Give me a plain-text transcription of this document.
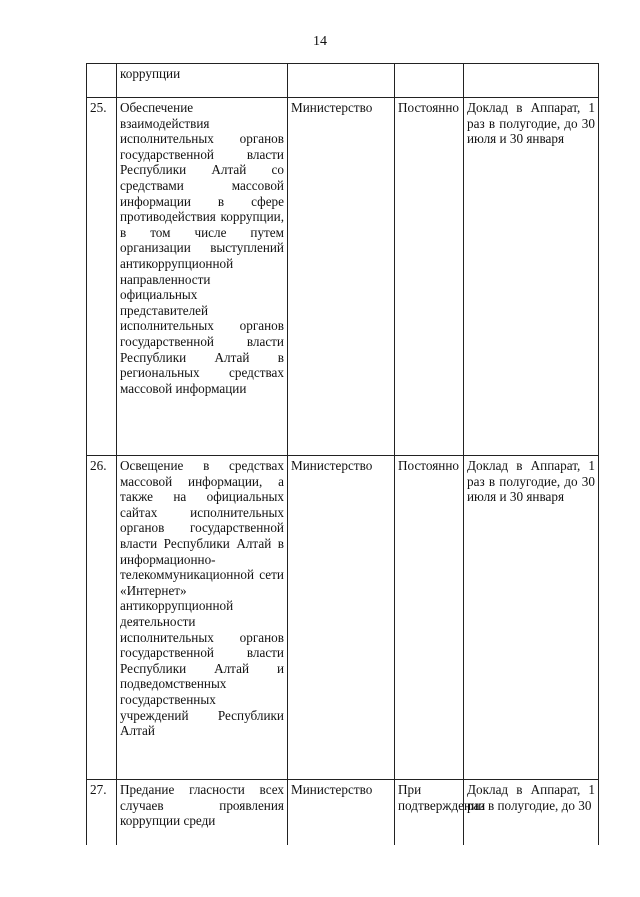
14
	коррупции			
25.	Обеспечение взаимодействия исполнительных органов государственной власти Республики Алтай со средствами массовой информации в сфере противодействия коррупции, в том числе путем организации выступлений антикоррупционной направленности официальных представителей исполнительных органов государственной власти Республики Алтай в региональных средствах массовой информации	Министерство	Постоянно	Доклад в Аппарат, 1 раз в полугодие, до 30 июля и 30 января
26.	Освещение в средствах массовой информации, а также на официальных сайтах исполнительных органов государственной власти Республики Алтай в информационно-телекоммуникационной сети «Интернет» антикоррупционной деятельности исполнительных органов государственной власти Республики Алтай и подведомственных государственных учреждений Республики Алтай	Министерство	Постоянно	Доклад в Аппарат, 1 раз в полугодие, до 30 июля и 30 января
27.	Предание гласности всех случаев проявления коррупции среди	Министерство	При подтверждении	Доклад в Аппарат, 1 раз в полугодие, до 30
